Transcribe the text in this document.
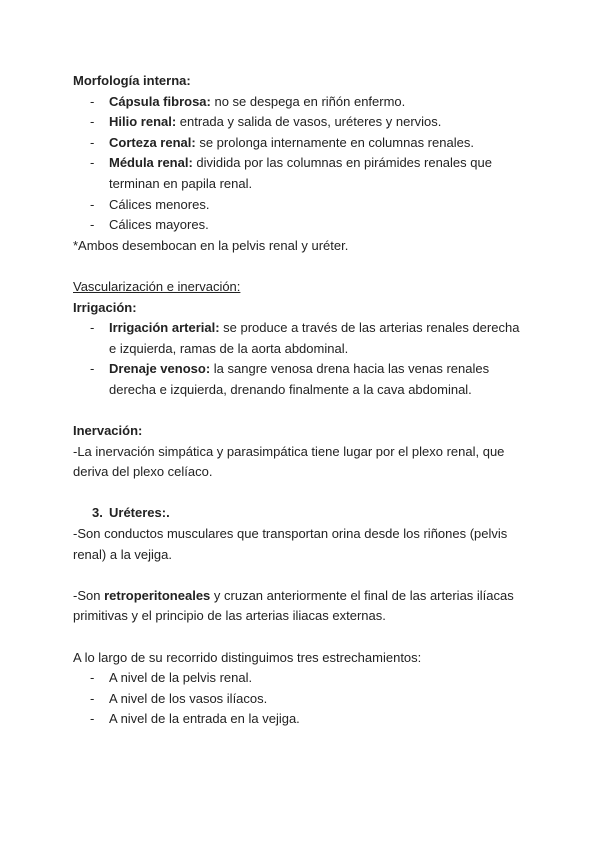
Morfología interna:
- Cápsula fibrosa: no se despega en riñón enfermo.
- Hilio renal: entrada y salida de vasos, uréteres y nervios.
- Corteza renal: se prolonga internamente en columnas renales.
- Médula renal: dividida por las columnas en pirámides renales que terminan en papila renal.
- Cálices menores.
- Cálices mayores.
*Ambos desembocan en la pelvis renal y uréter.
Vascularización e inervación:
Irrigación:
- Irrigación arterial: se produce a través de las arterias renales derecha e izquierda, ramas de la aorta abdominal.
- Drenaje venoso: la sangre venosa drena hacia las venas renales derecha e izquierda, drenando finalmente a la cava abdominal.
Inervación:
-La inervación simpática y parasimpática tiene lugar por el plexo renal, que deriva del plexo celíaco.
3. Uréteres:.
-Son conductos musculares que transportan orina desde los riñones (pelvis renal) a la vejiga.
-Son retroperitoneales y cruzan anteriormente el final de las arterias ilíacas primitivas y el principio de las arterias iliacas externas.
A lo largo de su recorrido distinguimos tres estrechamientos:
- A nivel de la pelvis renal.
- A nivel de los vasos ilíacos.
- A nivel de la entrada en la vejiga.
